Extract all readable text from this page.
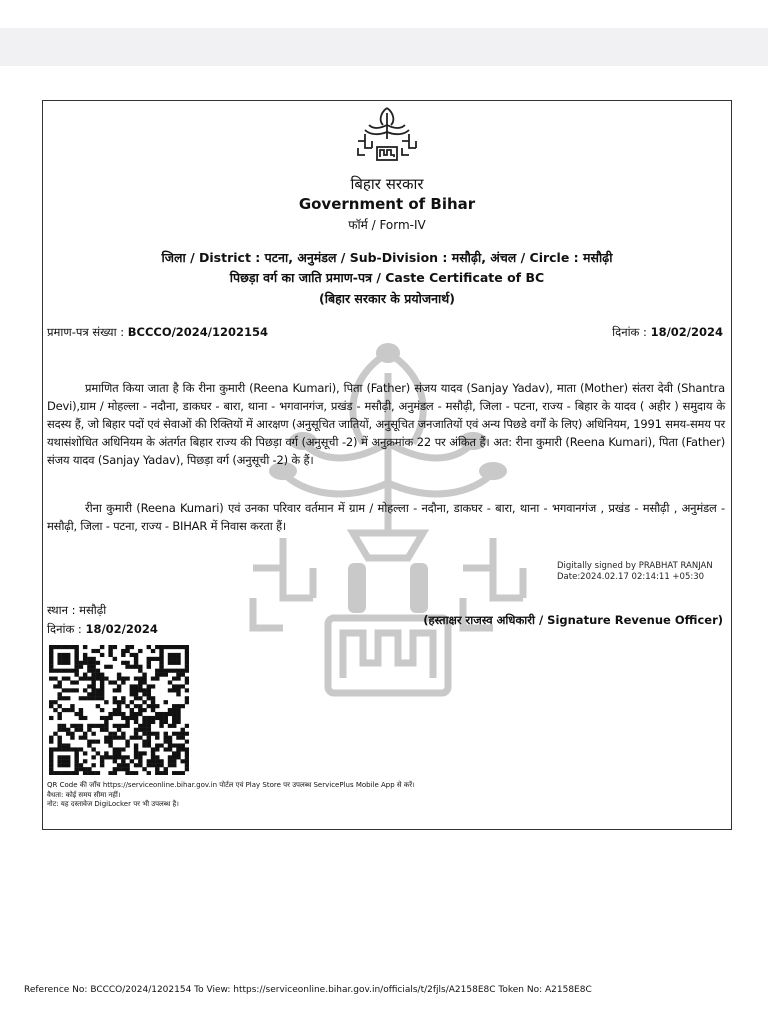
बिहार सरकार
Government of Bihar
फॉर्म / Form-IV
जिला / District : पटना, अनुमंडल / Sub-Division : मसौढ़ी, अंचल / Circle : मसौढ़ी
पिछड़ा वर्ग का जाति प्रमाण-पत्र / Caste Certificate of BC
(बिहार सरकार के प्रयोजनार्थ)
प्रमाण-पत्र संख्या : BCCCO/2024/1202154	दिनांक : 18/02/2024
प्रमाणित किया जाता है कि रीना कुमारी (Reena Kumari), पिता (Father) संजय यादव (Sanjay Yadav), माता (Mother) संतरा देवी (Shantra Devi),ग्राम / मोहल्ला - नदौना, डाकघर - बारा, थाना - भगवानगंज, प्रखंड - मसौढ़ी, अनुमंडल - मसौढ़ी, जिला - पटना, राज्य - बिहार के यादव ( अहीर ) समुदाय के सदस्य हैं, जो बिहार पदों एवं सेवाओं की रिक्तियों में आरक्षण (अनुसूचित जातियों, अनुसूचित जनजातियों एवं अन्य पिछडे वर्गों के लिए) अधिनियम, 1991 समय-समय पर यथासंशोधित अधिनियम के अंतर्गत बिहार राज्य की पिछड़ा वर्ग (अनुसूची -2) में अनुक्रमांक 22 पर अंकित हैं। अत: रीना कुमारी (Reena Kumari), पिता (Father) संजय यादव (Sanjay Yadav), पिछड़ा वर्ग (अनुसूची -2) के हैं।
रीना कुमारी (Reena Kumari) एवं उनका परिवार वर्तमान में ग्राम / मोहल्ला - नदौना, डाकघर - बारा, थाना - भगवानगंज , प्रखंड - मसौढ़ी , अनुमंडल - मसौढ़ी, जिला - पटना, राज्य - BIHAR में निवास करता हैं।
Digitally signed by PRABHAT RANJAN
Date:2024.02.17 02:14:11 +05:30
स्थान : मसौढ़ी
दिनांक : 18/02/2024
(हस्ताक्षर राजस्व अधिकारी / Signature Revenue Officer)
QR Code की जाँच https://serviceonline.bihar.gov.in पोर्टल एवं Play Store पर उपलब्ध ServicePlus Mobile App से करें।
वैधता: कोई समय सीमा नहीं।
नोट: यह दस्तावेज DigiLocker पर भी उपलब्ध है।
Reference No: BCCCO/2024/1202154 To View: https://serviceonline.bihar.gov.in/officials/t/2fjls/A2158E8C Token No: A2158E8C
